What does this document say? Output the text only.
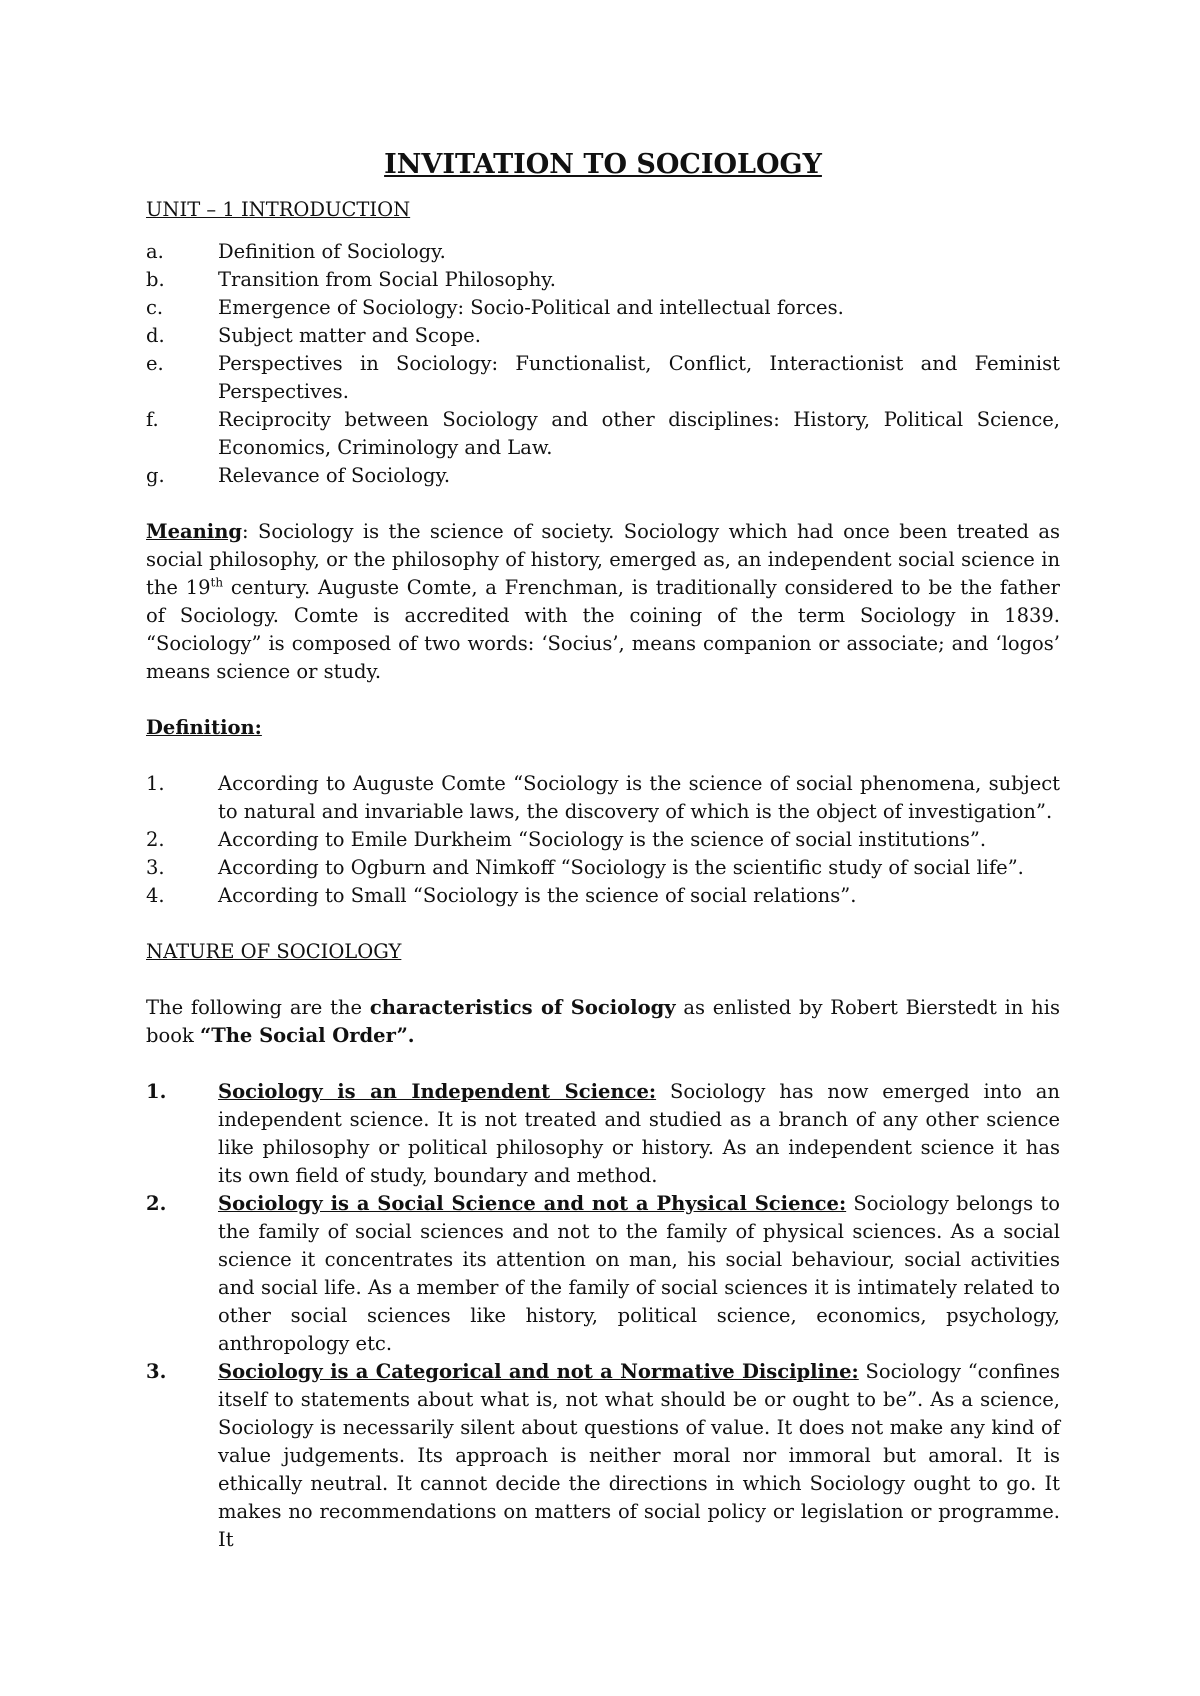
INVITATION TO SOCIOLOGY
UNIT – 1 INTRODUCTION
a.	Definition of Sociology.
b.	Transition from Social Philosophy.
c.	Emergence of Sociology: Socio-Political and intellectual forces.
d.	Subject matter and Scope.
e.	Perspectives in Sociology: Functionalist, Conflict, Interactionist and Feminist Perspectives.
f.	Reciprocity between Sociology and other disciplines: History, Political Science, Economics, Criminology and Law.
g.	Relevance of Sociology.

Meaning: Sociology is the science of society. Sociology which had once been treated as social philosophy, or the philosophy of history, emerged as, an independent social science in the 19th century. Auguste Comte, a Frenchman, is traditionally considered to be the father of Sociology. Comte is accredited with the coining of the term Sociology in 1839. “Sociology” is composed of two words: ‘Socius’, means companion or associate; and ‘logos’ means science or study.

Definition:
1.	According to Auguste Comte “Sociology is the science of social phenomena, subject to natural and invariable laws, the discovery of which is the object of investigation”.
2.	According to Emile Durkheim “Sociology is the science of social institutions”.
3.	According to Ogburn and Nimkoff “Sociology is the scientific study of social life”.
4.	According to Small “Sociology is the science of social relations”.
NATURE OF SOCIOLOGY

The following are the characteristics of Sociology as enlisted by Robert Bierstedt in his book “The Social Order”.

1.	Sociology is an Independent Science: Sociology has now emerged into an independent science. It is not treated and studied as a branch of any other science like philosophy or political philosophy or history. As an independent science it has its own field of study, boundary and method.
2.	Sociology is a Social Science and not a Physical Science: Sociology belongs to the family of social sciences and not to the family of physical sciences. As a social science it concentrates its attention on man, his social behaviour, social activities and social life. As a member of the family of social sciences it is intimately related to other social sciences like history, political science, economics, psychology, anthropology etc.
3.	Sociology is a Categorical and not a Normative Discipline: Sociology “confines itself to statements about what is, not what should be or ought to be”. As a science, Sociology is necessarily silent about questions of value. It does not make any kind of value judgements. Its approach is neither moral nor immoral but amoral. It is ethically neutral. It cannot decide the directions in which Sociology ought to go. It makes no recommendations on matters of social policy or legislation or programme. It
